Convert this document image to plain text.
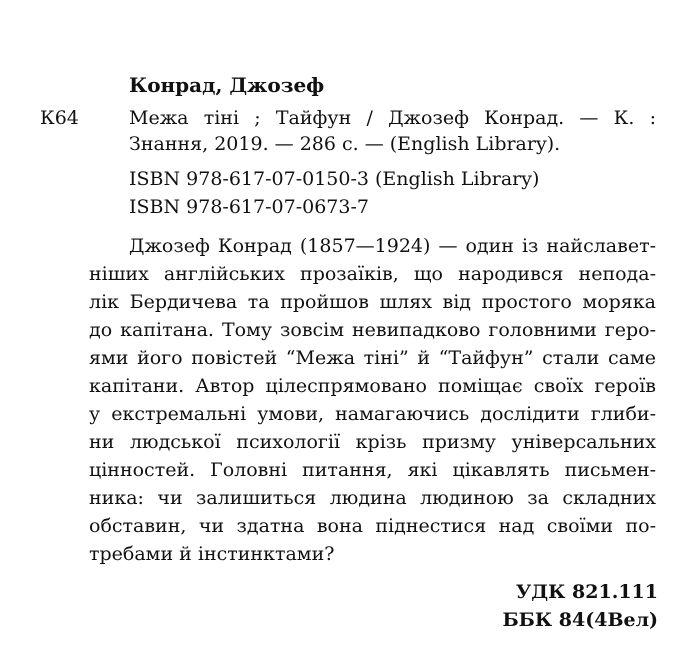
Конрад, Джозеф
К64	Межа тіні ; Тайфун / Джозеф Конрад. — К. :
Знання, 2019. — 286 с. — (English Library).
ISBN 978-617-07-0150-3 (English Library)
ISBN 978-617-07-0673-7
Джозеф Конрад (1857—1924) — один із найславет-
ніших англійських прозаїків, що народився непода-
лік Бердичева та пройшов шлях від простого моряка
до капітана. Тому зовсім невипадково головними геро-
ями його повістей “Межа тіні” й “Тайфун” стали саме
капітани. Автор цілеспрямовано поміщає своїх героїв
у екстремальні умови, намагаючись дослідити глиби-
ни людської психології крізь призму універсальних
цінностей. Головні питання, які цікавлять письмен-
ника: чи залишиться людина людиною за складних
обставин, чи здатна вона піднестися над своїми по-
требами й інстинктами?
УДК 821.111
ББК 84(4Вел)
